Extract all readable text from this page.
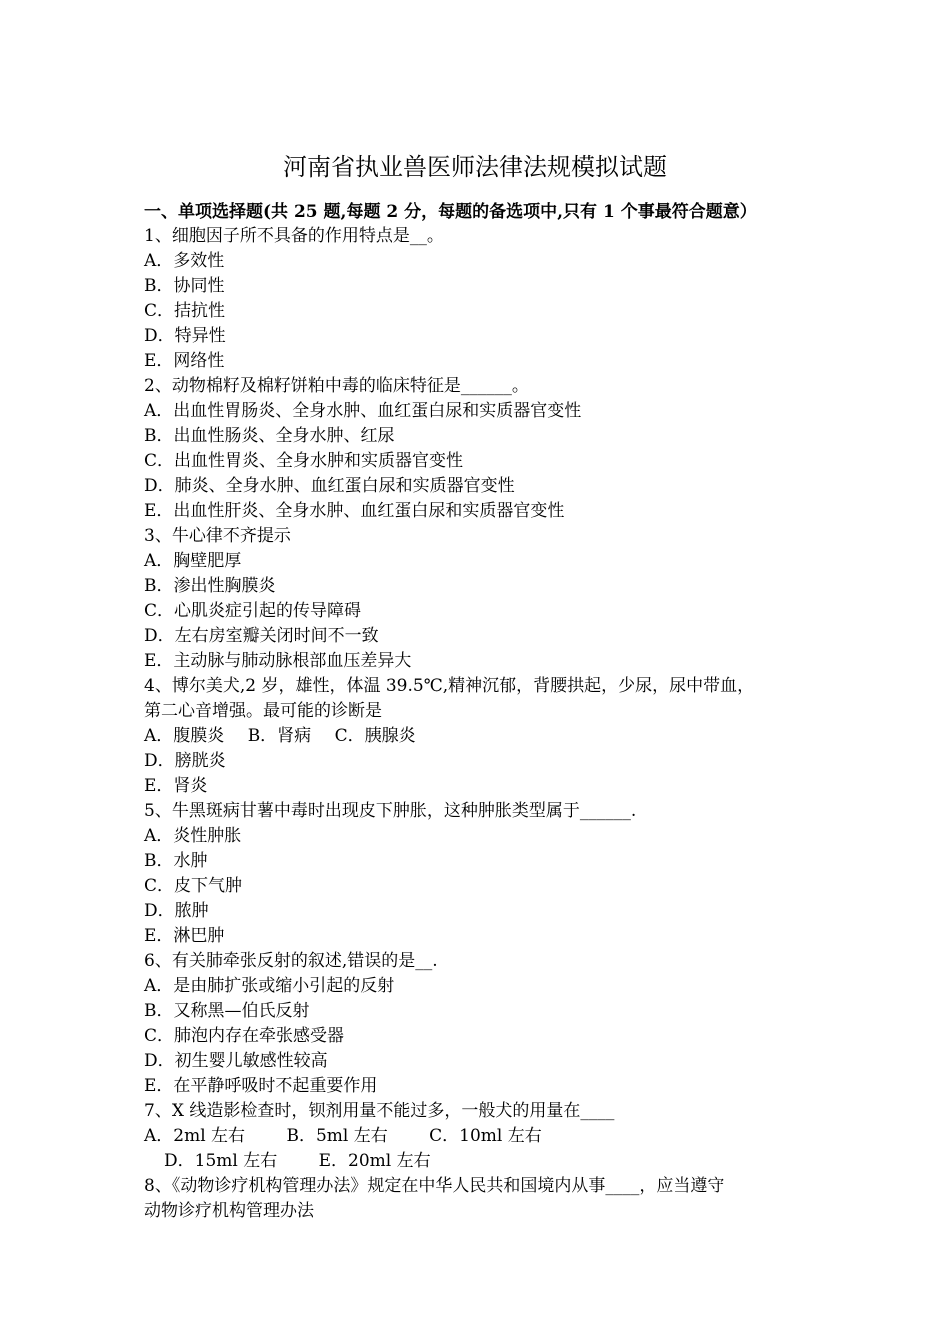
河南省执业兽医师法律法规模拟试题
一、单项选择题(共 25 题,每题 2 分，每题的备选项中,只有 1 个事最符合题意）
1、细胞因子所不具备的作用特点是__。
A．多效性
B．协同性
C．拮抗性
D．特异性
E．网络性
2、动物棉籽及棉籽饼粕中毒的临床特征是______。
A．出血性胃肠炎、全身水肿、血红蛋白尿和实质器官变性
B．出血性肠炎、全身水肿、红尿
C．出血性胃炎、全身水肿和实质器官变性
D．肺炎、全身水肿、血红蛋白尿和实质器官变性
E．出血性肝炎、全身水肿、血红蛋白尿和实质器官变性
3、牛心律不齐提示
A．胸壁肥厚
B．渗出性胸膜炎
C．心肌炎症引起的传导障碍
D．左右房室瓣关闭时间不一致
E．主动脉与肺动脉根部血压差异大
4、博尔美犬,2 岁，雄性，体温 39.5℃,精神沉郁，背腰拱起，少尿，尿中带血，
第二心音增强。最可能的诊断是
A．腹膜炎 B．肾病 C．胰腺炎
D．膀胱炎
E．肾炎
5、牛黑斑病甘薯中毒时出现皮下肿胀，这种肿胀类型属于______.
A．炎性肿胀
B．水肿
C．皮下气肿
D．脓肿
E．淋巴肿
6、有关肺牵张反射的叙述,错误的是__.
A．是由肺扩张或缩小引起的反射
B．又称黑—伯氏反射
C．肺泡内存在牵张感受器
D．初生婴儿敏感性较高
E．在平静呼吸时不起重要作用
7、X 线造影检查时，钡剂用量不能过多，一般犬的用量在____
A．2ml 左右 B．5ml 左右 C．10ml 左右
D．15ml 左右 E．20ml 左右
8、《动物诊疗机构管理办法》规定在中华人民共和国境内从事____，应当遵守
动物诊疗机构管理办法
